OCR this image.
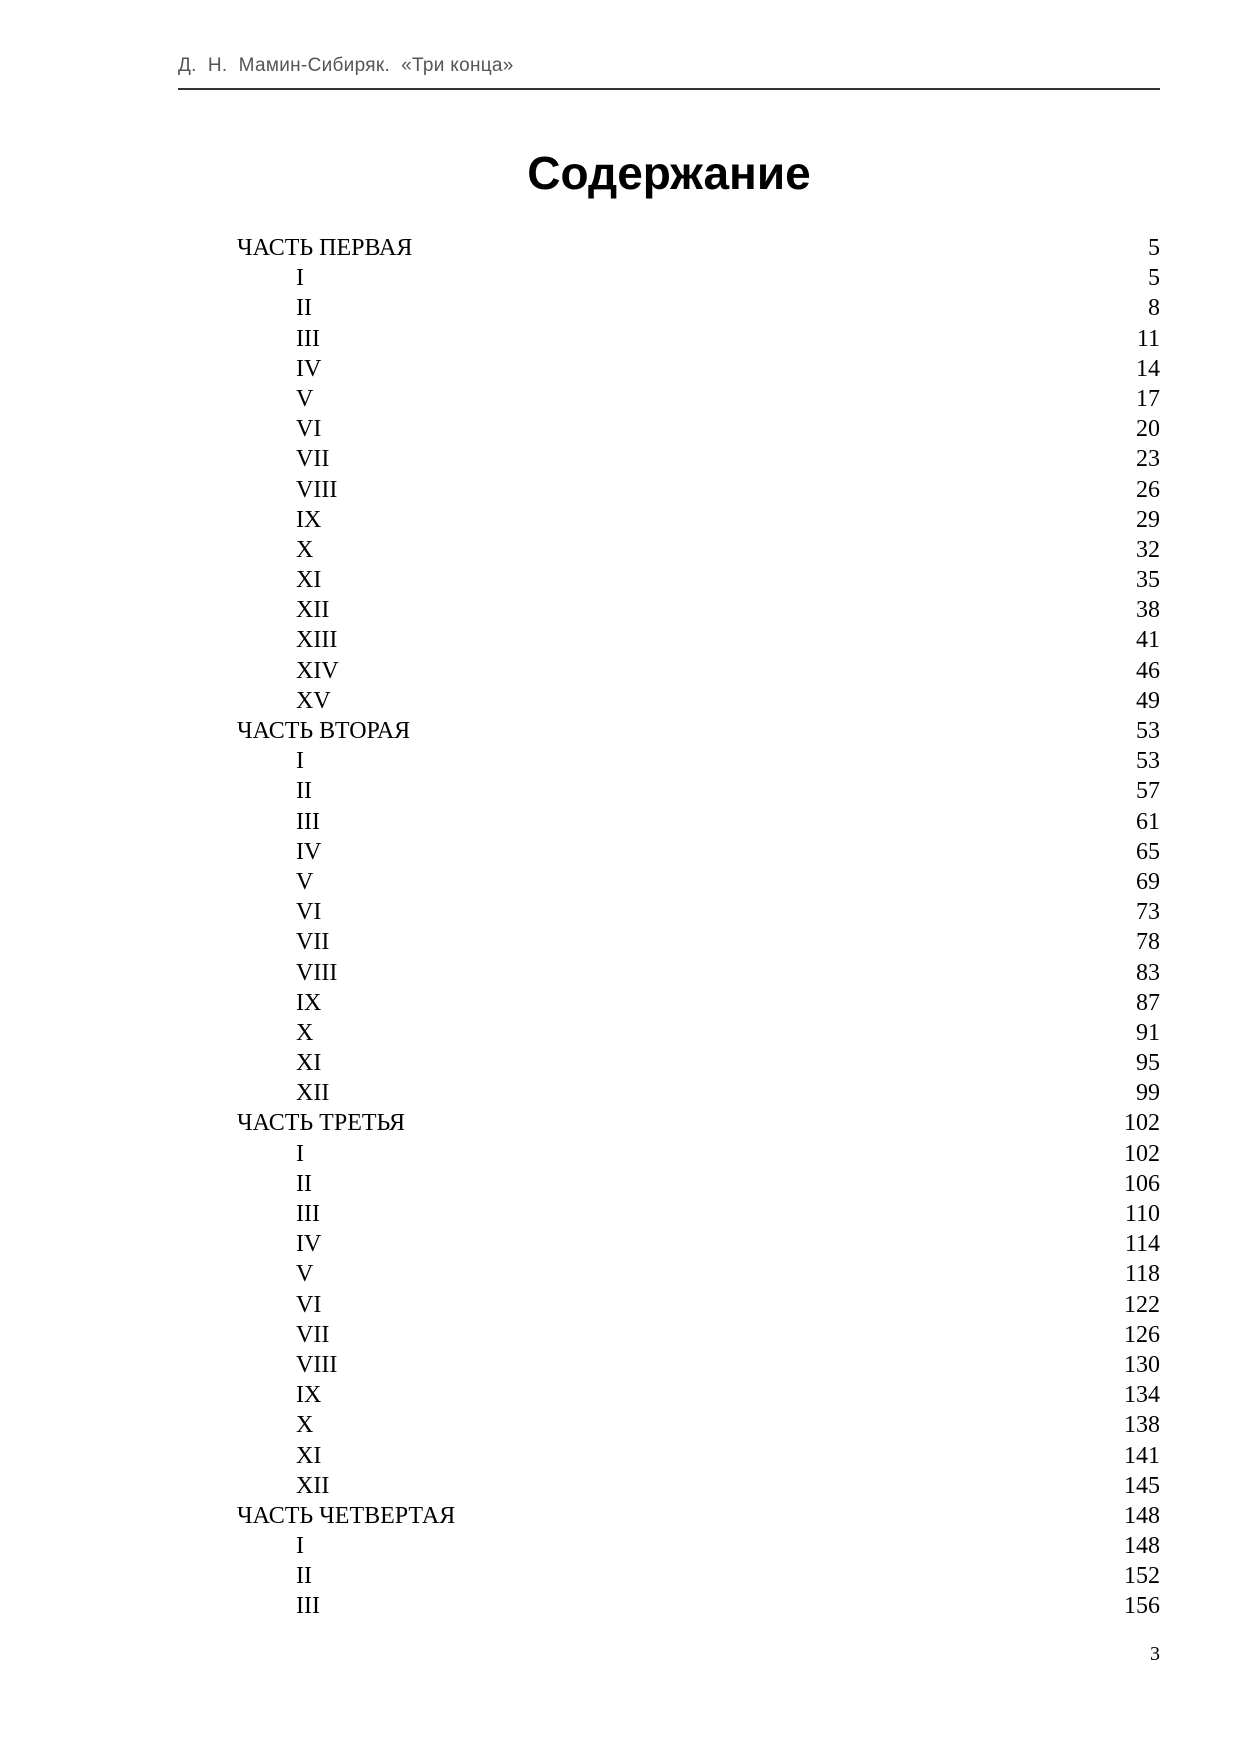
Д.  Н.  Мамин-Сибиряк.  «Три конца»
Содержание
ЧАСТЬ ПЕРВАЯ	5
I	5
II	8
III	11
IV	14
V	17
VI	20
VII	23
VIII	26
IX	29
X	32
XI	35
XII	38
XIII	41
XIV	46
XV	49
ЧАСТЬ ВТОРАЯ	53
I	53
II	57
III	61
IV	65
V	69
VI	73
VII	78
VIII	83
IX	87
X	91
XI	95
XII	99
ЧАСТЬ ТРЕТЬЯ	102
I	102
II	106
III	110
IV	114
V	118
VI	122
VII	126
VIII	130
IX	134
X	138
XI	141
XII	145
ЧАСТЬ ЧЕТВЕРТАЯ	148
I	148
II	152
III	156
3
